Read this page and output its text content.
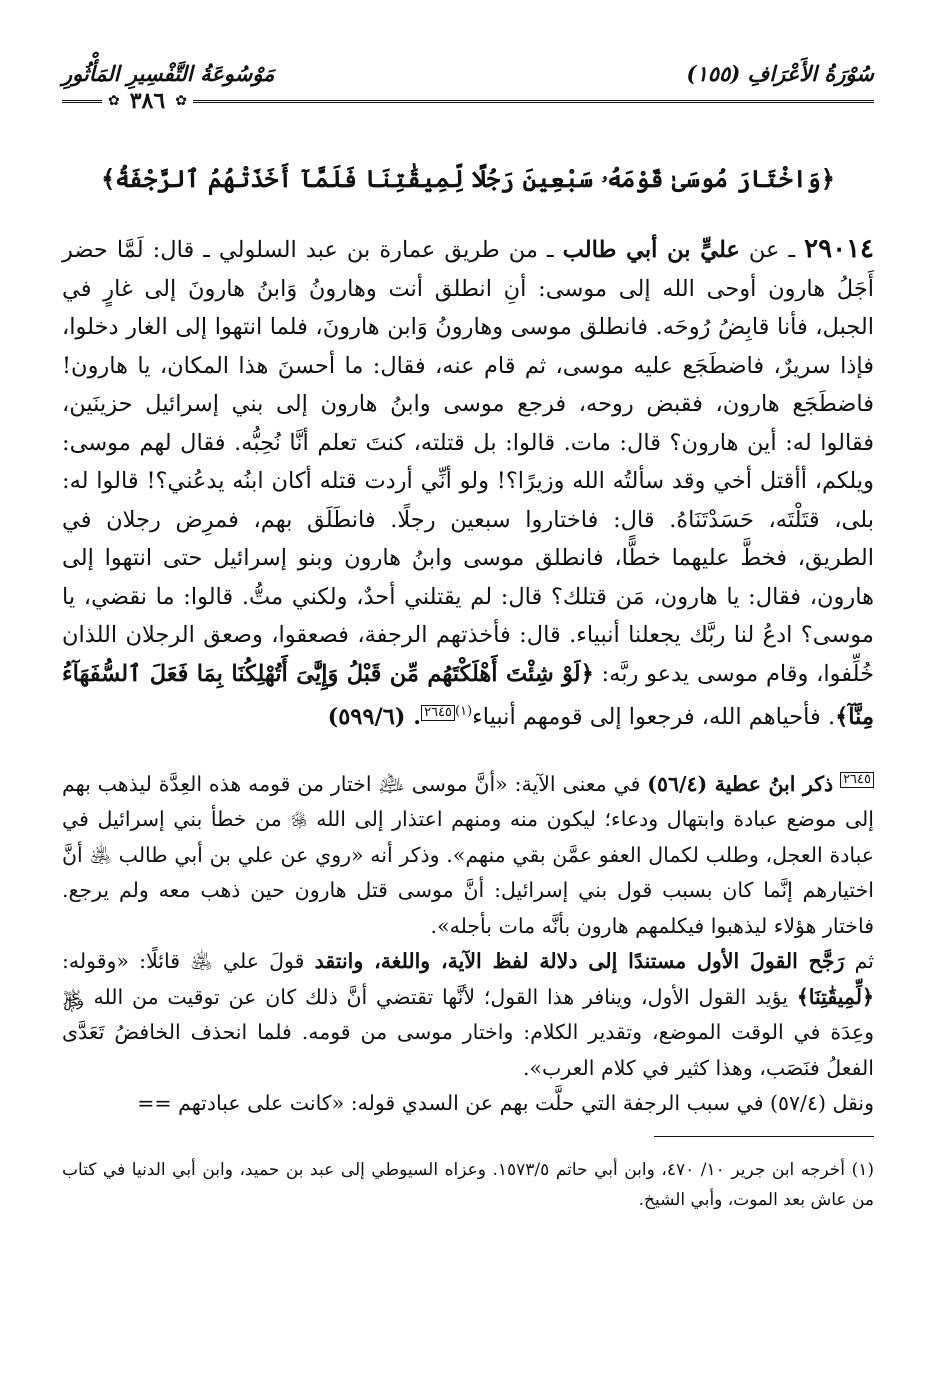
سُوْرَةُ الأَعْرَافِ (١٥٥)
مَوْسُوعَةُ التَّفْسِيرِ المَأْثُورِ
✿
٣٨٦
✿
﴿وَاخْتَارَ مُوسَىٰ قَوْمَهُۥ سَبْعِينَ رَجُلًا لِّمِيقَٰتِنَا فَلَمَّآ أَخَذَتْهُمُ ٱلرَّجْفَةُ﴾
٢٩٠١٤ ـ عن عليٍّ بن أبي طالب ـ من طريق عمارة بن عبد السلولي ـ قال: لَمَّا حضر أَجَلُ هارون أوحى الله إلى موسى: أنِ انطلق أنت وهارونُ وَابنُ هارونَ إلى غارٍ في الجبل، فأنا قابِضُ رُوحَه. فانطلق موسى وهارونُ وَابن هارونَ، فلما انتهوا إلى الغار دخلوا، فإذا سريرٌ، فاضطَجَع عليه موسى، ثم قام عنه، فقال: ما أحسنَ هذا المكان، يا هارون! فاضطَجَع هارون، فقبض روحه، فرجع موسى وابنُ هارون إلى بني إسرائيل حزينَين، فقالوا له: أين هارون؟ قال: مات. قالوا: بل قتلته، كنتَ تعلم أنَّا نُحِبُّه. فقال لهم موسى: ويلكم، أأقتل أخي وقد سألتُه الله وزيرًا؟! ولو أنِّي أردت قتله أكان ابنُه يدعُني؟! قالوا له: بلى، قتَلْتَه، حَسَدْتَنَاهُ. قال: فاختاروا سبعين رجلًا. فانطَلَق بهم، فمرِض رجلان في الطريق، فخطَّ عليهما خطًّا، فانطلق موسى وابنُ هارون وبنو إسرائيل حتى انتهوا إلى هارون، فقال: يا هارون، مَن قتلك؟ قال: لم يقتلني أحدٌ، ولكني متُّ. قالوا: ما نقضي، يا موسى؟ ادعُ لنا ربَّك يجعلنا أنبياء. قال: فأخذتهم الرجفة، فصعقوا، وصعق الرجلان اللذان خُلِّفوا، وقام موسى يدعو ربَّه: ﴿لَوْ شِئْتَ أَهْلَكْتَهُم مِّن قَبْلُ وَإِيَّٰىَ أَتُهْلِكُنَا بِمَا فَعَلَ ٱلسُّفَهَآءُ مِنَّآ﴾. فأحياهم الله، فرجعوا إلى قومهم أنبياء$^{(١)}$٢٦٤٥. (٥٩٩/٦)
٢٦٤٥ ذكر ابنُ عطية (٥٦/٤) في معنى الآية: «أنَّ موسى ﵇ اختار من قومه هذه العِدَّة ليذهب بهم إلى موضع عبادة وابتهال ودعاء؛ ليكون منه ومنهم اعتذار إلى الله ﷿ من خطأ بني إسرائيل في عبادة العجل، وطلب لكمال العفو عمَّن بقي منهم». وذكر أنه «روي عن علي بن أبي طالب ﵁ أنَّ اختيارهم إنَّما كان بسبب قول بني إسرائيل: أنَّ موسى قتل هارون حين ذهب معه ولم يرجع. فاختار هؤلاء ليذهبوا فيكلمهم هارون بأنَّه مات بأجله».
ثم رَجَّح القولَ الأول مستندًا إلى دلالة لفظ الآية، واللغة، وانتقد قولَ علي ﵁ قائلًا: «وقوله: ﴿لِّمِيقَٰتِنَا﴾ يؤيد القول الأول، وينافر هذا القول؛ لأنَّها تقتضي أنَّ ذلك كان عن توقيت من الله ﷿ وعِدَة في الوقت الموضع، وتقدير الكلام: واختار موسى من قومه. فلما انحذف الخافضُ تَعَدَّى الفعلُ فنَصَب، وهذا كثير في كلام العرب».
ونقل (٥٧/٤) في سبب الرجفة التي حلَّت بهم عن السدي قوله: «كانت على عبادتهم ==
(١) أخرجه ابن جرير ١٠/ ٤٧٠، وابن أبي حاتم ١٥٧٣/٥. وعزاه السيوطي إلى عبد بن حميد، وابن أبي الدنيا في كتاب من عاش بعد الموت، وأبي الشيخ.
